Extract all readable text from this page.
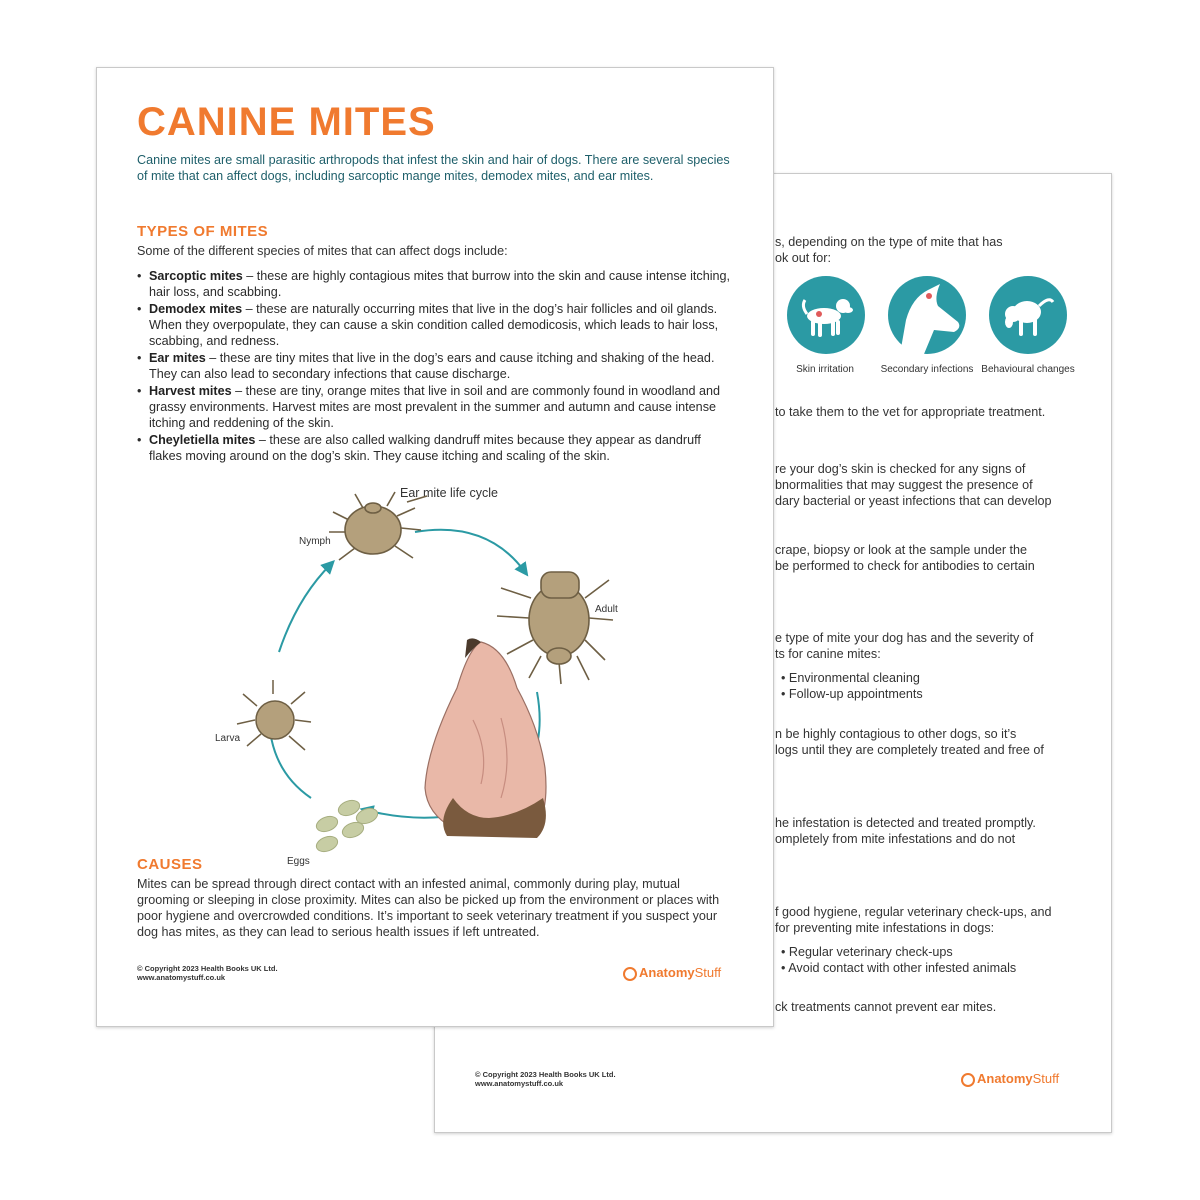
s, depending on the type of mite that has
ok out for:
Skin irritation	Secondary infections Behavioural changes
to take them to the vet for appropriate treatment.
re your dog’s skin is checked for any signs of
bnormalities that may suggest the presence of
dary bacterial or yeast infections that can develop
crape, biopsy or look at the sample under the
be performed to check for antibodies to certain
e type of mite your dog has and the severity of
ts for canine mites:
• Environmental cleaning
• Follow-up appointments
n be highly contagious to other dogs, so it’s
logs until they are completely treated and free of
he infestation is detected and treated promptly.
ompletely from mite infestations and do not
f good hygiene, regular veterinary check-ups, and
for preventing mite infestations in dogs:
• Regular veterinary check-ups
• Avoid contact with other infested animals
ck treatments cannot prevent ear mites.
© Copyright 2023 Health Books UK Ltd.
www.anatomystuff.co.uk	AnatomyStuff
CANINE MITES
Canine mites are small parasitic arthropods that infest the skin and hair of dogs. There are several species of mite that can affect dogs, including sarcoptic mange mites, demodex mites, and ear mites.
TYPES OF MITES
Some of the different species of mites that can affect dogs include:
• Sarcoptic mites – these are highly contagious mites that burrow into the skin and cause intense itching, hair loss, and scabbing.
• Demodex mites – these are naturally occurring mites that live in the dog’s hair follicles and oil glands. When they overpopulate, they can cause a skin condition called demodicosis, which leads to hair loss, scabbing, and redness.
• Ear mites – these are tiny mites that live in the dog’s ears and cause itching and shaking of the head. They can also lead to secondary infections that cause discharge.
• Harvest mites – these are tiny, orange mites that live in soil and are commonly found in woodland and grassy environments. Harvest mites are most prevalent in the summer and autumn and cause intense itching and reddening of the skin.
• Cheyletiella mites – these are also called walking dandruff mites because they appear as dandruff flakes moving around on the dog’s skin. They cause itching and scaling of the skin.
Ear mite life cycle
Nymph
Adult
Larva
Eggs
CAUSES
Mites can be spread through direct contact with an infested animal, commonly during play, mutual grooming or sleeping in close proximity. Mites can also be picked up from the environment or places with poor hygiene and overcrowded conditions. It’s important to seek veterinary treatment if you suspect your dog has mites, as they can lead to serious health issues if left untreated.
© Copyright 2023 Health Books UK Ltd.
www.anatomystuff.co.uk	AnatomyStuff
